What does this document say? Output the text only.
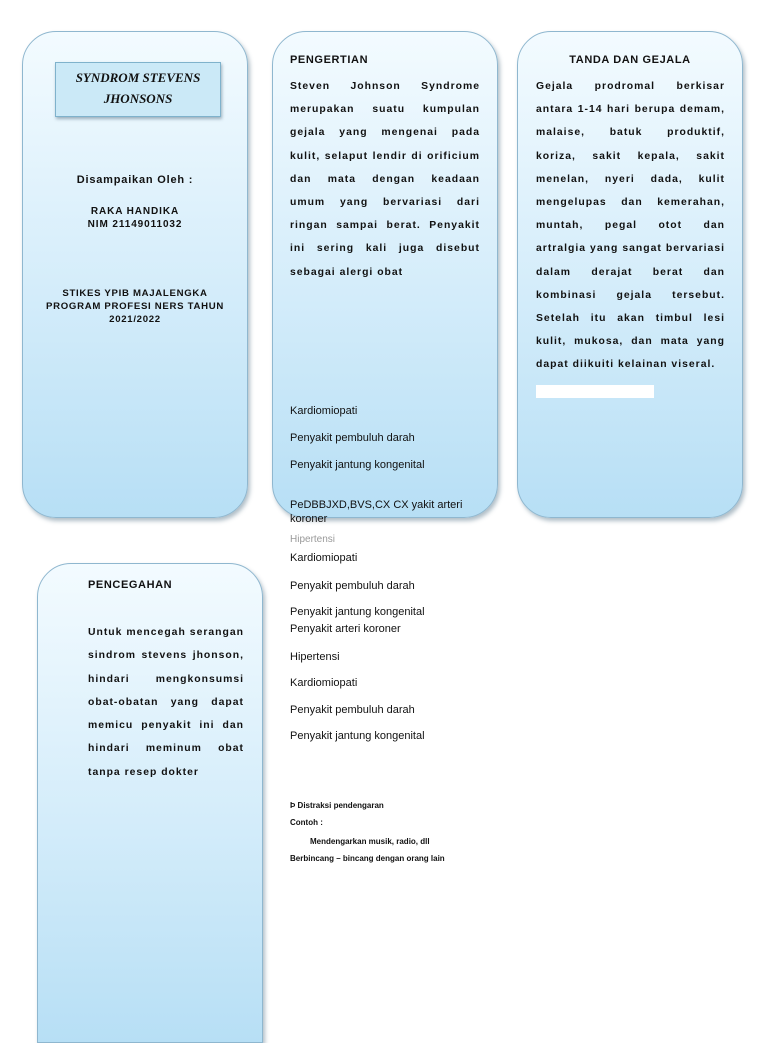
SYNDROM STEVENS JHONSONS
Disampaikan Oleh :
RAKA HANDIKA
NIM 21149011032
STIKES YPIB MAJALENGKA
PROGRAM PROFESI NERS TAHUN
2021/2022
PENGERTIAN
Steven Johnson Syndrome merupakan suatu kumpulan gejala yang mengenai pada kulit, selaput lendir di orificium dan mata dengan keadaan umum yang bervariasi dari ringan sampai berat. Penyakit ini sering kali juga disebut sebagai alergi obat
TANDA DAN GEJALA
Gejala prodromal berkisar antara 1-14 hari berupa demam, malaise, batuk produktif, koriza, sakit kepala, sakit menelan, nyeri dada, kulit mengelupas dan kemerahan, muntah, pegal otot dan artralgia yang sangat bervariasi dalam derajat berat dan kombinasi gejala tersebut. Setelah itu akan timbul lesi kulit, mukosa, dan mata yang dapat diikuiti kelainan viseral.
Kardiomiopati
Penyakit pembuluh darah
Penyakit jantung kongenital
PeDBBJXD,BVS,CX CX yakit arteri
koroner
Hipertensi
Kardiomiopati
Penyakit pembuluh darah
Penyakit jantung kongenital
Penyakit arteri koroner
Hipertensi
Kardiomiopati
Penyakit pembuluh darah
Penyakit jantung kongenital
Þ Distraksi pendengaran
Contoh :
Mendengarkan musik, radio, dll
Berbincang – bincang dengan orang lain
PENCEGAHAN
Untuk mencegah serangan sindrom stevens jhonson, hindari mengkonsumsi obat-obatan yang dapat memicu penyakit ini dan hindari meminum obat tanpa resep dokter
